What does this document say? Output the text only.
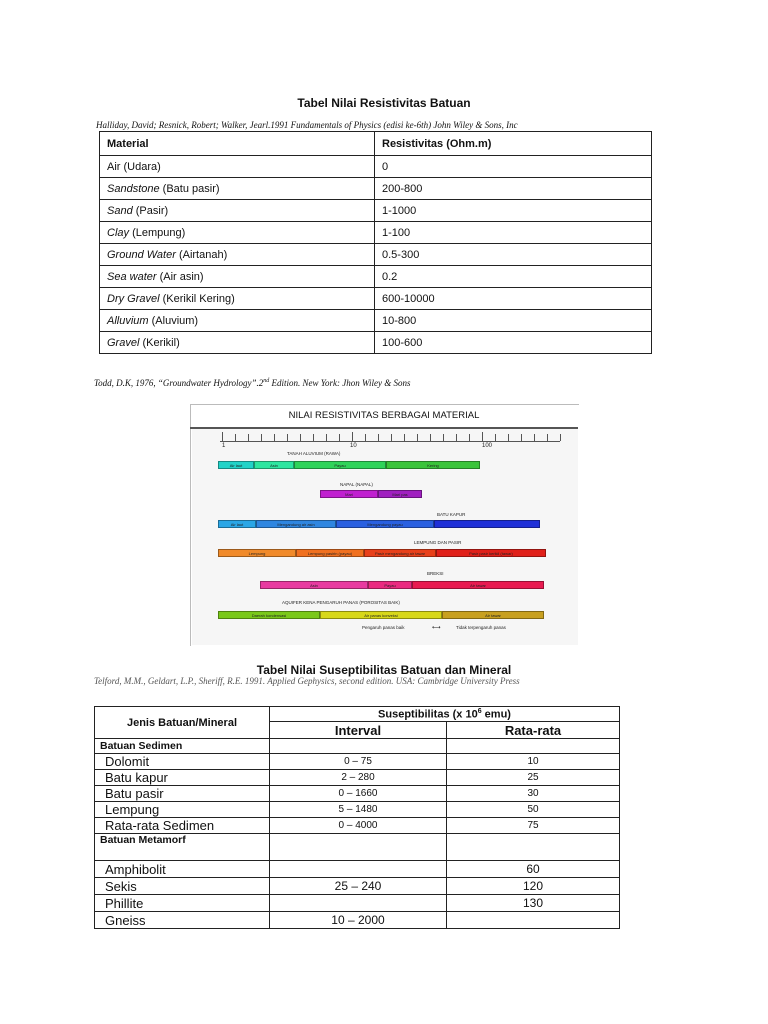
Tabel Nilai Resistivitas Batuan
Halliday, David; Resnick, Robert; Walker, Jearl.1991 Fundamentals of Physics (edisi ke-6th) John Wiley & Sons, Inc
Material	Resistivitas (Ohm.m)
Air (Udara)	0
Sandstone (Batu pasir)	200-800
Sand (Pasir)	1-1000
Clay (Lempung)	1-100
Ground Water (Airtanah)	0.5-300
Sea water (Air asin)	0.2
Dry Gravel (Kerikil Kering)	600-10000
Alluvium (Aluvium)	10-800
Gravel (Kerikil)	100-600
Todd, D.K, 1976, “Groundwater Hydrology”.2nd Edition. New York: Jhon Wiley & Sons
NILAI RESISTIVITAS BERBAGAI MATERIAL
1	10	100
TANAH ALUVIUM (RAWA)
Air laut	Asin	Payau	Kering
NAPAL (NAPAL)
Mari	Mari pas
BATU KAPUR
Air laut	Mengandung air asin	Mengandung payau
LEMPUNG DAN PASIR
Lempung	Lempung pasirin (payau)	Pasir mengandung air tawar	Pasir pasir kerikil (tawar)
BREKSI
Asin	Payau	Air tawar
AQUIFER KENA PENGARUH PANAS (POROSITAS BAIK)
Daerah kondensasi	Air panas konveksi	Air tawar
Pengaruh panas baik	⟷	Tidak terpengaruh panas
Tabel Nilai Suseptibilitas Batuan dan Mineral
Telford, M.M., Geldart, L.P., Sheriff, R.E. 1991. Applied Gephysics, second edition. USA: Cambridge University Press
Jenis Batuan/Mineral	Suseptibilitas (x $10^6$ emu)	
	Interval	Rata-rata
Batuan Sedimen		
Dolomit	0 – 75	10
Batu kapur	2 – 280	25
Batu pasir	0 – 1660	30
Lempung	5 – 1480	50
Rata-rata Sedimen	0 – 4000	75
Batuan Metamorf		
Amphibolit		60
Sekis	25 – 240	120
Phillite		130
Gneiss	10 – 2000	
